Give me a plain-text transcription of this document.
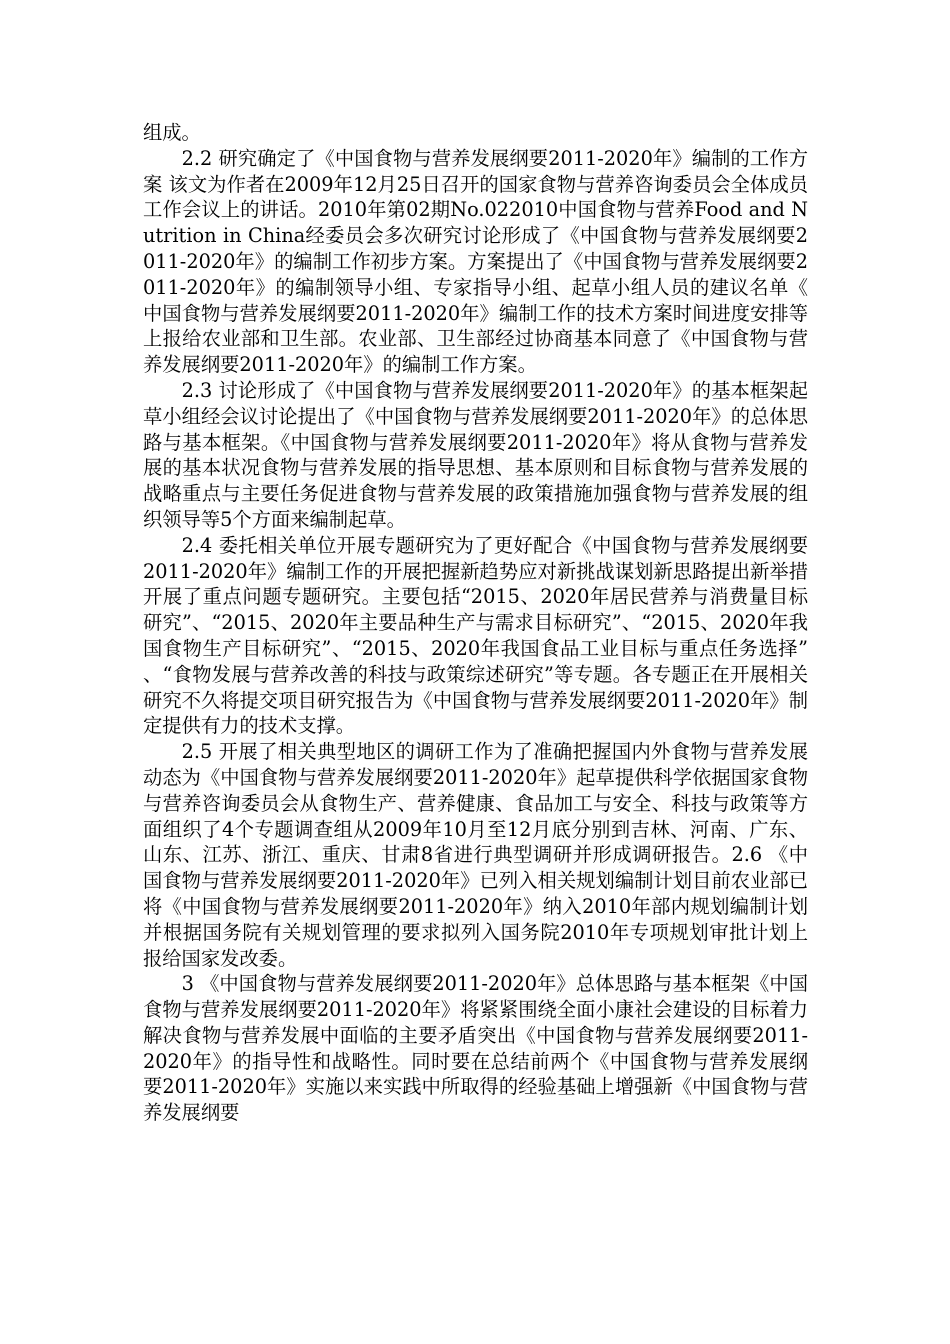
组成。

2.2 研究确定了《中国食物与营养发展纲要2011-2020年》编制的工作方案 该文为作者在2009年12月25日召开的国家食物与营养咨询委员会全体成员工作会议上的讲话。2010年第02期No.022010中国食物与营养Food and Nutrition in China经委员会多次研究讨论形成了《中国食物与营养发展纲要2011-2020年》的编制工作初步方案。方案提出了《中国食物与营养发展纲要2011-2020年》的编制领导小组、专家指导小组、起草小组人员的建议名单《中国食物与营养发展纲要2011-2020年》编制工作的技术方案时间进度安排等上报给农业部和卫生部。农业部、卫生部经过协商基本同意了《中国食物与营养发展纲要2011-2020年》的编制工作方案。

2.3 讨论形成了《中国食物与营养发展纲要2011-2020年》的基本框架起草小组经会议讨论提出了《中国食物与营养发展纲要2011-2020年》的总体思路与基本框架。《中国食物与营养发展纲要2011-2020年》将从食物与营养发展的基本状况食物与营养发展的指导思想、基本原则和目标食物与营养发展的战略重点与主要任务促进食物与营养发展的政策措施加强食物与营养发展的组织领导等5个方面来编制起草。

2.4 委托相关单位开展专题研究为了更好配合《中国食物与营养发展纲要2011-2020年》编制工作的开展把握新趋势应对新挑战谋划新思路提出新举措开展了重点问题专题研究。主要包括“2015、2020年居民营养与消费量目标研究”、“2015、2020年主要品种生产与需求目标研究”、“2015、2020年我国食物生产目标研究”、“2015、2020年我国食品工业目标与重点任务选择”、“食物发展与营养改善的科技与政策综述研究”等专题。各专题正在开展相关研究不久将提交项目研究报告为《中国食物与营养发展纲要2011-2020年》制定提供有力的技术支撑。

2.5 开展了相关典型地区的调研工作为了准确把握国内外食物与营养发展动态为《中国食物与营养发展纲要2011-2020年》起草提供科学依据国家食物与营养咨询委员会从食物生产、营养健康、食品加工与安全、科技与政策等方面组织了4个专题调查组从2009年10月至12月底分别到吉林、河南、广东、山东、江苏、浙江、重庆、甘肃8省进行典型调研并形成调研报告。2.6 《中国食物与营养发展纲要2011-2020年》已列入相关规划编制计划目前农业部已将《中国食物与营养发展纲要2011-2020年》纳入2010年部内规划编制计划并根据国务院有关规划管理的要求拟列入国务院2010年专项规划审批计划上报给国家发改委。

3 《中国食物与营养发展纲要2011-2020年》总体思路与基本框架《中国食物与营养发展纲要2011-2020年》将紧紧围绕全面小康社会建设的目标着力解决食物与营养发展中面临的主要矛盾突出《中国食物与营养发展纲要2011-2020年》的指导性和战略性。同时要在总结前两个《中国食物与营养发展纲要2011-2020年》实施以来实践中所取得的经验基础上增强新《中国食物与营养发展纲要
